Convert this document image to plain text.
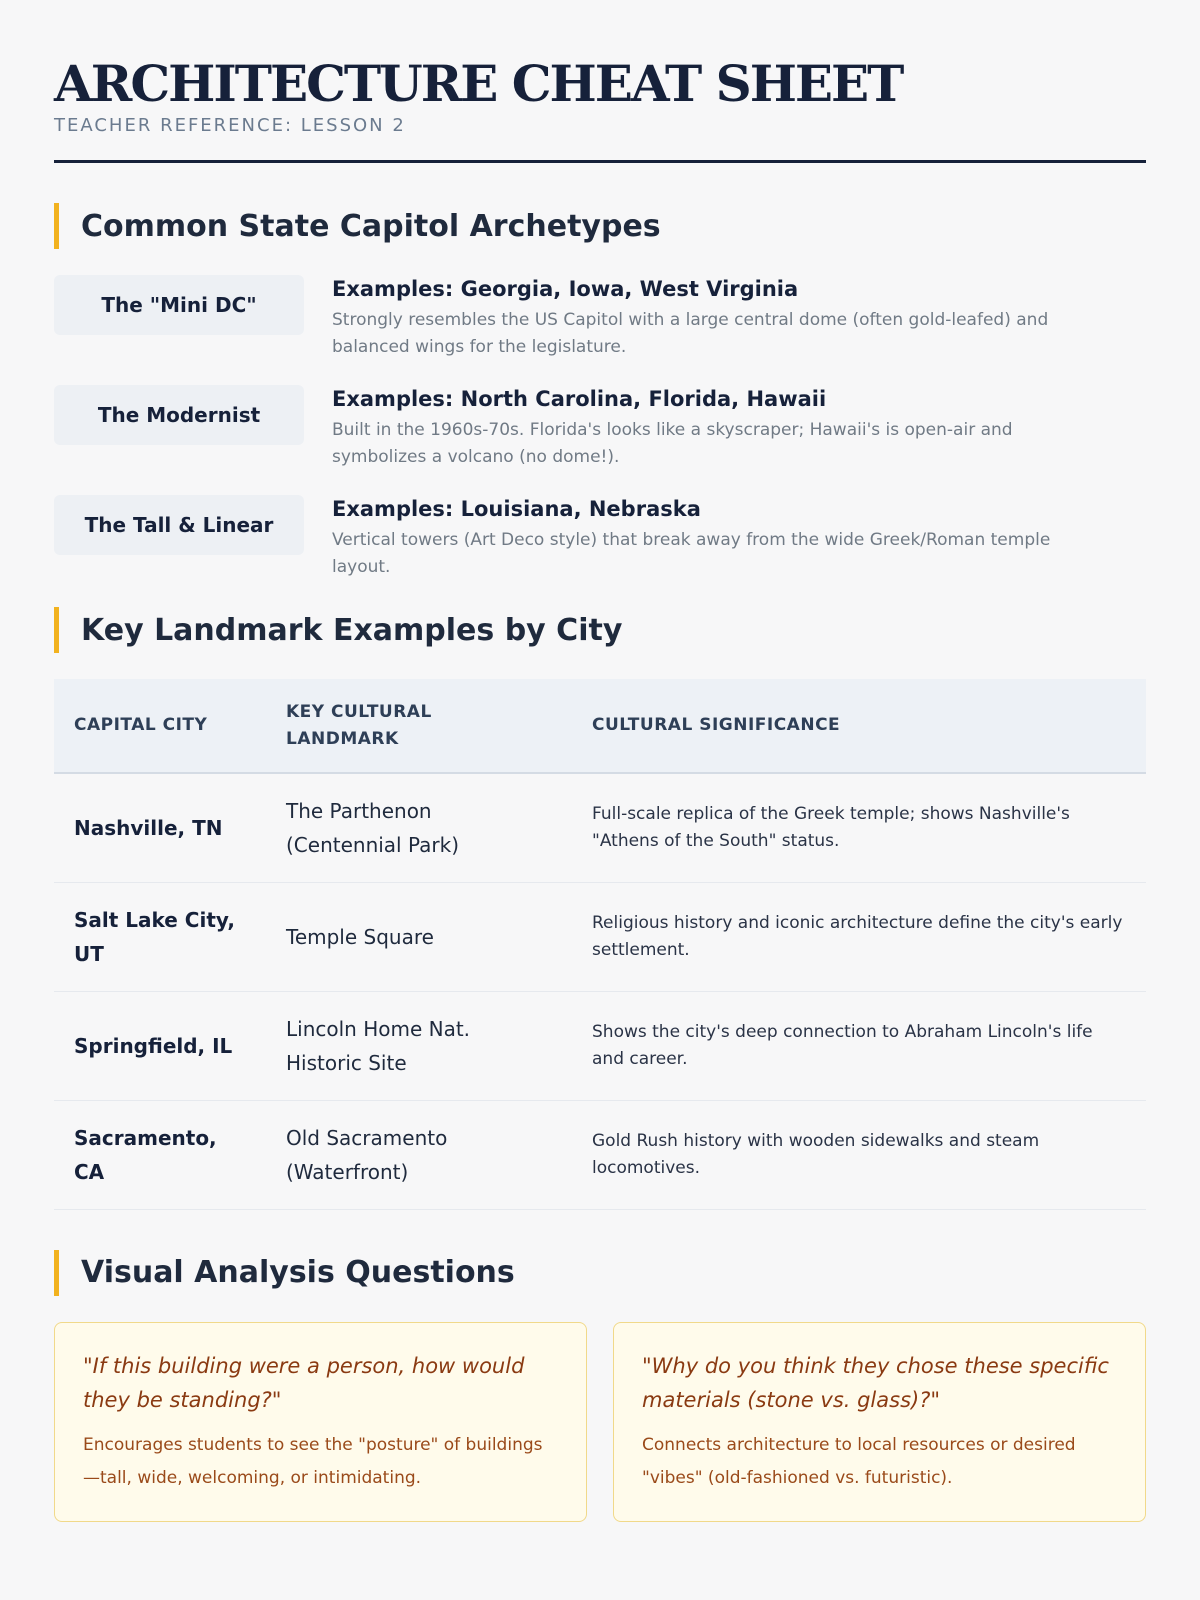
ARCHITECTURE CHEAT SHEET
TEACHER REFERENCE: LESSON 2
Common State Capitol Archetypes
The "Mini DC"
Examples: Georgia, Iowa, West Virginia
Strongly resembles the US Capitol with a large central dome (often gold-leafed) and balanced wings for the legislature.
The Modernist
Examples: North Carolina, Florida, Hawaii
Built in the 1960s-70s. Florida's looks like a skyscraper; Hawaii's is open-air and symbolizes a volcano (no dome!).
The Tall & Linear
Examples: Louisiana, Nebraska
Vertical towers (Art Deco style) that break away from the wide Greek/Roman temple layout.
Key Landmark Examples by City
CAPITAL CITY	KEY CULTURAL LANDMARK	CULTURAL SIGNIFICANCE
Nashville, TN	The Parthenon (Centennial Park)	Full-scale replica of the Greek temple; shows Nashville's "Athens of the South" status.
Salt Lake City, UT	Temple Square	Religious history and iconic architecture define the city's early settlement.
Springfield, IL	Lincoln Home Nat. Historic Site	Shows the city's deep connection to Abraham Lincoln's life and career.
Sacramento, CA	Old Sacramento (Waterfront)	Gold Rush history with wooden sidewalks and steam locomotives.
Visual Analysis Questions
"If this building were a person, how would they be standing?"
Encourages students to see the "posture" of buildings—tall, wide, welcoming, or intimidating.
"Why do you think they chose these specific materials (stone vs. glass)?"
Connects architecture to local resources or desired "vibes" (old-fashioned vs. futuristic).
